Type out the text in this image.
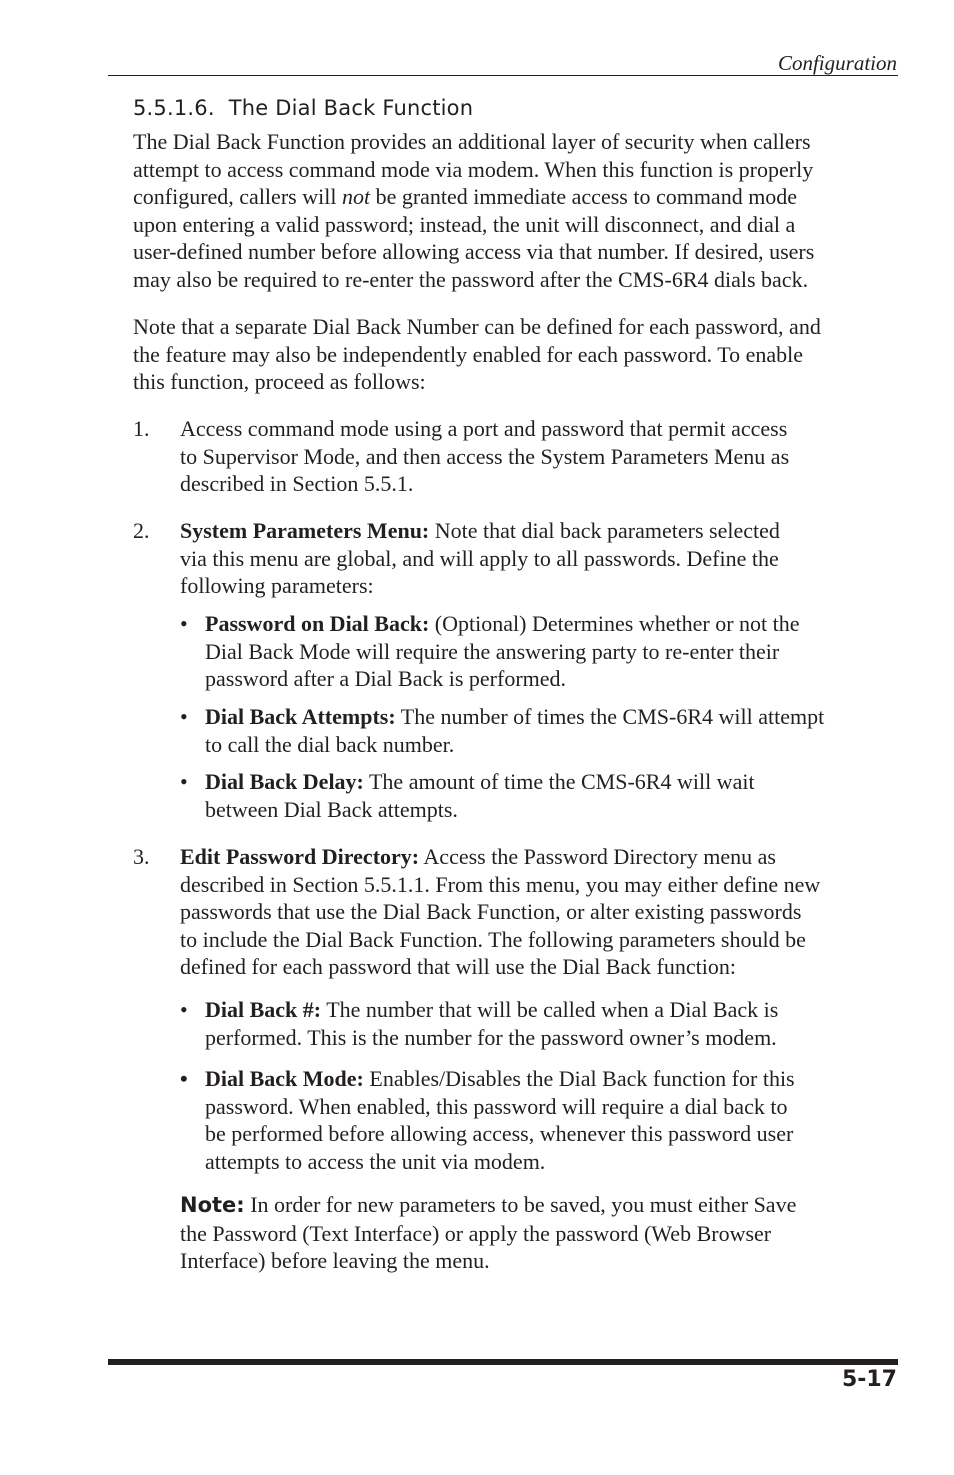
Configuration
5.5.1.6. The Dial Back Function

The Dial Back Function provides an additional layer of security when callers
attempt to access command mode via modem. When this function is properly
configured, callers will not be granted immediate access to command mode
upon entering a valid password; instead, the unit will disconnect, and dial a
user-defined number before allowing access via that number. If desired, users
may also be required to re-enter the password after the CMS-6R4 dials back.

Note that a separate Dial Back Number can be defined for each password, and
the feature may also be independently enabled for each password. To enable
this function, proceed as follows:

1. Access command mode using a port and password that permit access
to Supervisor Mode, and then access the System Parameters Menu as
described in Section 5.5.1.
2. System Parameters Menu: Note that dial back parameters selected
via this menu are global, and will apply to all passwords. Define the
following parameters:
• Password on Dial Back: (Optional) Determines whether or not the
Dial Back Mode will require the answering party to re-enter their
password after a Dial Back is performed.
• Dial Back Attempts: The number of times the CMS-6R4 will attempt
to call the dial back number.
• Dial Back Delay: The amount of time the CMS-6R4 will wait
between Dial Back attempts.
3. Edit Password Directory: Access the Password Directory menu as
described in Section 5.5.1.1. From this menu, you may either define new
passwords that use the Dial Back Function, or alter existing passwords
to include the Dial Back Function. The following parameters should be
defined for each password that will use the Dial Back function:
• Dial Back #: The number that will be called when a Dial Back is
performed. This is the number for the password owner’s modem.
• Dial Back Mode: Enables/Disables the Dial Back function for this
password. When enabled, this password will require a dial back to
be performed before allowing access, whenever this password user
attempts to access the unit via modem.
Note: In order for new parameters to be saved, you must either Save
the Password (Text Interface) or apply the password (Web Browser
Interface) before leaving the menu.
5-17
